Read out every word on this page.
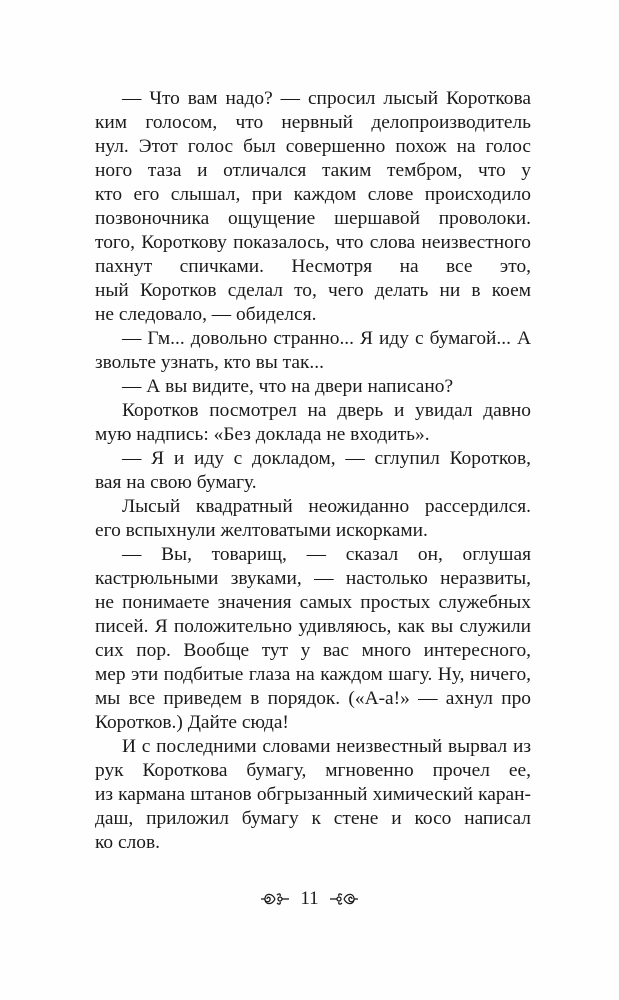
— Что вам надо? — спросил лысый Короткова
ким голосом, что нервный делопроизводитель
нул. Этот голос был совершенно похож на голос
ного таза и отличался таким тембром, что у
кто его слышал, при каждом слове происходило
позвоночника ощущение шершавой проволоки.
того, Короткову показалось, что слова неизвестного
пахнут спичками. Несмотря на все это,
ный Коротков сделал то, чего делать ни в коем
не следовало, — обиделся.
— Гм... довольно странно... Я иду с бумагой... А
звольте узнать, кто вы так...
— А вы видите, что на двери написано?
Коротков посмотрел на дверь и увидал давно
мую надпись: «Без доклада не входить».
— Я и иду с докладом, — сглупил Коротков,
вая на свою бумагу.
Лысый квадратный неожиданно рассердился.
его вспыхнули желтоватыми искорками.
— Вы, товарищ, — сказал он, оглушая
кастрюльными звуками, — настолько неразвиты,
не понимаете значения самых простых служебных
писей. Я положительно удивляюсь, как вы служили
сих пор. Вообще тут у вас много интересного,
мер эти подбитые глаза на каждом шагу. Ну, ничего,
мы все приведем в порядок. («А-а!» — ахнул про
Коротков.) Дайте сюда!
И с последними словами неизвестный вырвал из
рук Короткова бумагу, мгновенно прочел ее,
из кармана штанов обгрызанный химический каран-
даш, приложил бумагу к стене и косо написал
ко слов.
11
